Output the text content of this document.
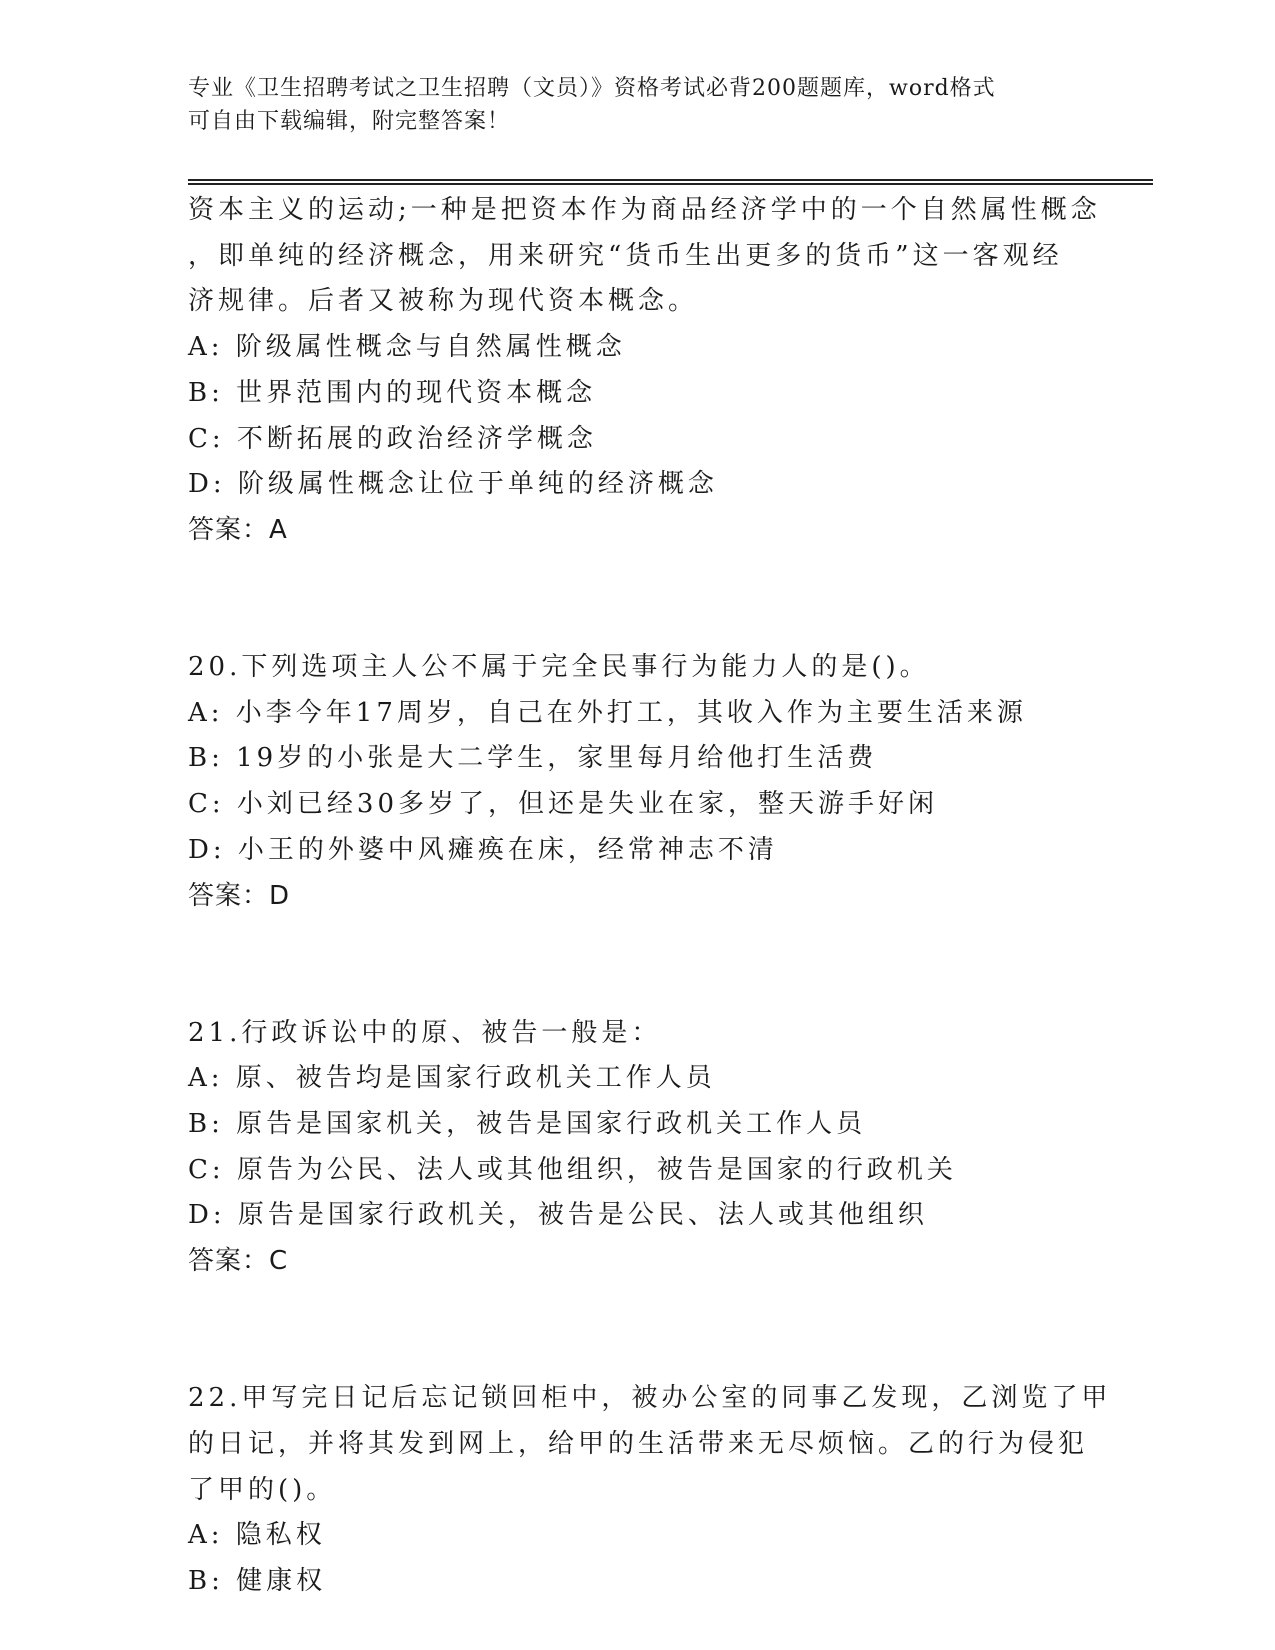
专业《卫生招聘考试之卫生招聘（文员）》资格考试必背200题题库，word格式
可自由下载编辑，附完整答案！
资本主义的运动;一种是把资本作为商品经济学中的一个自然属性概念
，即单纯的经济概念，用来研究“货币生出更多的货币”这一客观经
济规律。后者又被称为现代资本概念。
A: 阶级属性概念与自然属性概念
B: 世界范围内的现代资本概念
C: 不断拓展的政治经济学概念
D: 阶级属性概念让位于单纯的经济概念
答案：A
20.下列选项主人公不属于完全民事行为能力人的是()。
A: 小李今年17周岁，自己在外打工，其收入作为主要生活来源
B: 19岁的小张是大二学生，家里每月给他打生活费
C: 小刘已经30多岁了，但还是失业在家，整天游手好闲
D: 小王的外婆中风瘫痪在床，经常神志不清
答案：D
21.行政诉讼中的原、被告一般是：
A: 原、被告均是国家行政机关工作人员
B: 原告是国家机关，被告是国家行政机关工作人员
C: 原告为公民、法人或其他组织，被告是国家的行政机关
D: 原告是国家行政机关，被告是公民、法人或其他组织
答案：C
22.甲写完日记后忘记锁回柜中，被办公室的同事乙发现，乙浏览了甲
的日记，并将其发到网上，给甲的生活带来无尽烦恼。乙的行为侵犯
了甲的()。
A: 隐私权
B: 健康权
